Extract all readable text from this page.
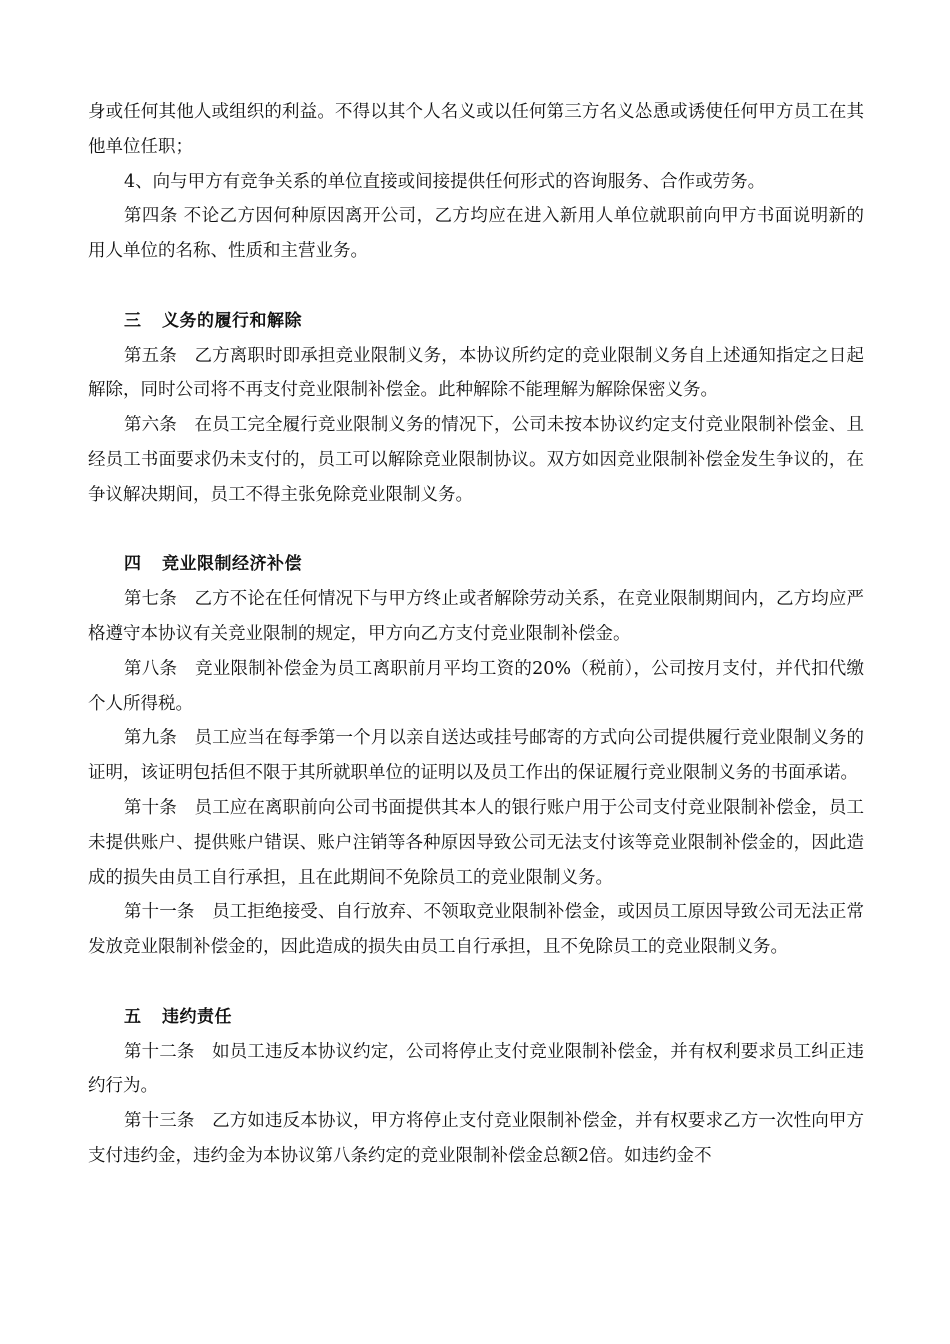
身或任何其他人或组织的利益。不得以其个人名义或以任何第三方名义怂恿或诱使任何甲方员工在其他单位任职；

4、向与甲方有竞争关系的单位直接或间接提供任何形式的咨询服务、合作或劳务。

第四条 不论乙方因何种原因离开公司，乙方均应在进入新用人单位就职前向甲方书面说明新的用人单位的名称、性质和主营业务。

三 义务的履行和解除

第五条　乙方离职时即承担竞业限制义务，本协议所约定的竞业限制义务自上述通知指定之日起解除，同时公司将不再支付竞业限制补偿金。此种解除不能理解为解除保密义务。

第六条　在员工完全履行竞业限制义务的情况下，公司未按本协议约定支付竞业限制补偿金、且经员工书面要求仍未支付的，员工可以解除竞业限制协议。双方如因竞业限制补偿金发生争议的，在争议解决期间，员工不得主张免除竞业限制义务。

四 竞业限制经济补偿

第七条　乙方不论在任何情况下与甲方终止或者解除劳动关系，在竞业限制期间内，乙方均应严格遵守本协议有关竞业限制的规定，甲方向乙方支付竞业限制补偿金。

第八条　竞业限制补偿金为员工离职前月平均工资的20%（税前），公司按月支付，并代扣代缴个人所得税。

第九条　员工应当在每季第一个月以亲自送达或挂号邮寄的方式向公司提供履行竞业限制义务的证明，该证明包括但不限于其所就职单位的证明以及员工作出的保证履行竞业限制义务的书面承诺。

第十条　员工应在离职前向公司书面提供其本人的银行账户用于公司支付竞业限制补偿金，员工未提供账户、提供账户错误、账户注销等各种原因导致公司无法支付该等竞业限制补偿金的，因此造成的损失由员工自行承担，且在此期间不免除员工的竞业限制义务。

第十一条　员工拒绝接受、自行放弃、不领取竞业限制补偿金，或因员工原因导致公司无法正常发放竞业限制补偿金的，因此造成的损失由员工自行承担，且不免除员工的竞业限制义务。

五 违约责任

第十二条　如员工违反本协议约定，公司将停止支付竞业限制补偿金，并有权利要求员工纠正违约行为。

第十三条　乙方如违反本协议，甲方将停止支付竞业限制补偿金，并有权要求乙方一次性向甲方支付违约金，违约金为本协议第八条约定的竞业限制补偿金总额2倍。如违约金不
